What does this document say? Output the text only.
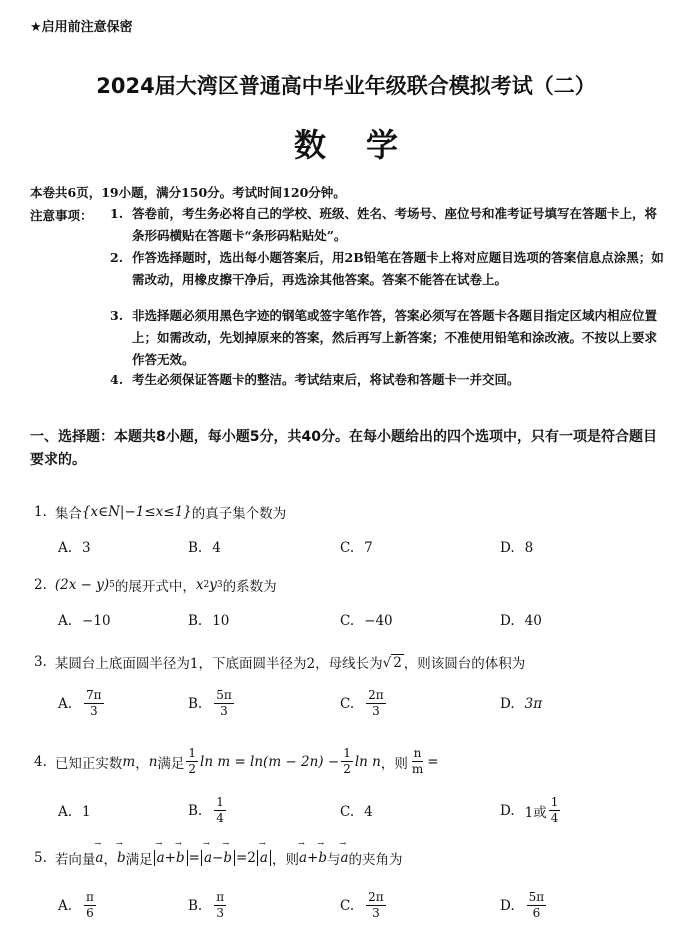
★启用前注意保密
2024届大湾区普通高中毕业年级联合模拟考试（二）
数学
本卷共6页，19小题，满分150分。考试时间120分钟。
注意事项： 1. 答卷前，考生务必将自己的学校、班级、姓名、考场号、座位号和准考证号填写在答题卡上，将条形码横贴在答题卡“条形码粘贴处”。
2. 作答选择题时，选出每小题答案后，用2B铅笔在答题卡上将对应题目选项的答案信息点涂黑；如需改动，用橡皮擦干净后，再选涂其他答案。答案不能答在试卷上。
3. 非选择题必须用黑色字迹的钢笔或签字笔作答，答案必须写在答题卡各题目指定区域内相应位置上；如需改动，先划掉原来的答案，然后再写上新答案；不准使用铅笔和涂改液。不按以上要求作答无效。
4. 考生必须保证答题卡的整洁。考试结束后，将试卷和答题卡一并交回。
一、选择题：本题共8小题，每小题5分，共40分。在每小题给出的四个选项中，只有一项是符合题目要求的。
1. 集合 {x∈N|−1≤x≤1} 的真子集个数为
A. 3	B. 4	C. 7	D. 8
2. (2x − y) 5 的展开式中， x 2 y 3 的系数为
A. −10	B. 10	C. −40	D. 40
3. 某圆台上底面圆半径为1，下底面圆半径为2，母线长为 √ 2 ，则该圆台的体积为
A. $\frac{7\pi}{3}$	B. $\frac{5\pi}{3}$	C. $\frac{2\pi}{3}$	D. 3π
4. 已知正实数 m ， n 满足 $\frac{1}{2}$ $\ln m = \ln(m - 2n) - \frac{1}{2}$ ln n ，则 $\frac{n}{m}$ =
A. 1	B. $\frac{1}{4}$	C. 4	D. 1或 $\frac{1}{4}$
5. 若向量 → a ， → b 满足 → a+→ b = → a−→ b = 2 → a ，则 → a + → b 与 → a 的夹角为
A. $\frac{\pi}{6}$	B. $\frac{\pi}{3}$	C. $\frac{2\pi}{3}$	D. $\frac{5\pi}{6}$
